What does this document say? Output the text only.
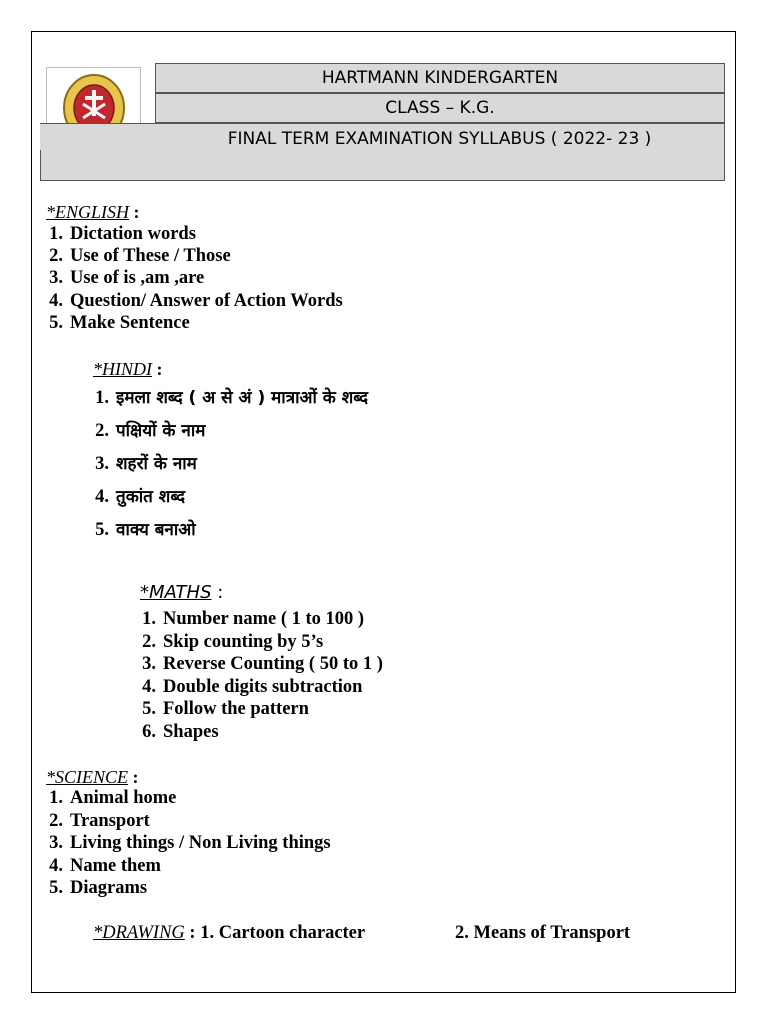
HARTMANN KINDERGARTEN
CLASS – K.G.
FINAL TERM EXAMINATION SYLLABUS ( 2022- 23 )
*ENGLISH :
1. Dictation words
2. Use of These / Those
3. Use of is ,am ,are
4. Question/ Answer of Action Words
5. Make Sentence
*HINDI :
1. इमला शब्द ( अ से अं ) मात्राओं के शब्द
2. पक्षियों के नाम
3. शहरों के नाम
4. तुकांत शब्द
5. वाक्य बनाओ
*MATHS :
1. Number name ( 1 to 100 )
2. Skip counting by 5’s
3. Reverse Counting ( 50 to 1 )
4. Double digits subtraction
5. Follow the pattern
6. Shapes
*SCIENCE :
1. Animal home
2. Transport
3. Living things / Non Living things
4. Name them
5. Diagrams
*DRAWING : 1. Cartoon character	2. Means of Transport
